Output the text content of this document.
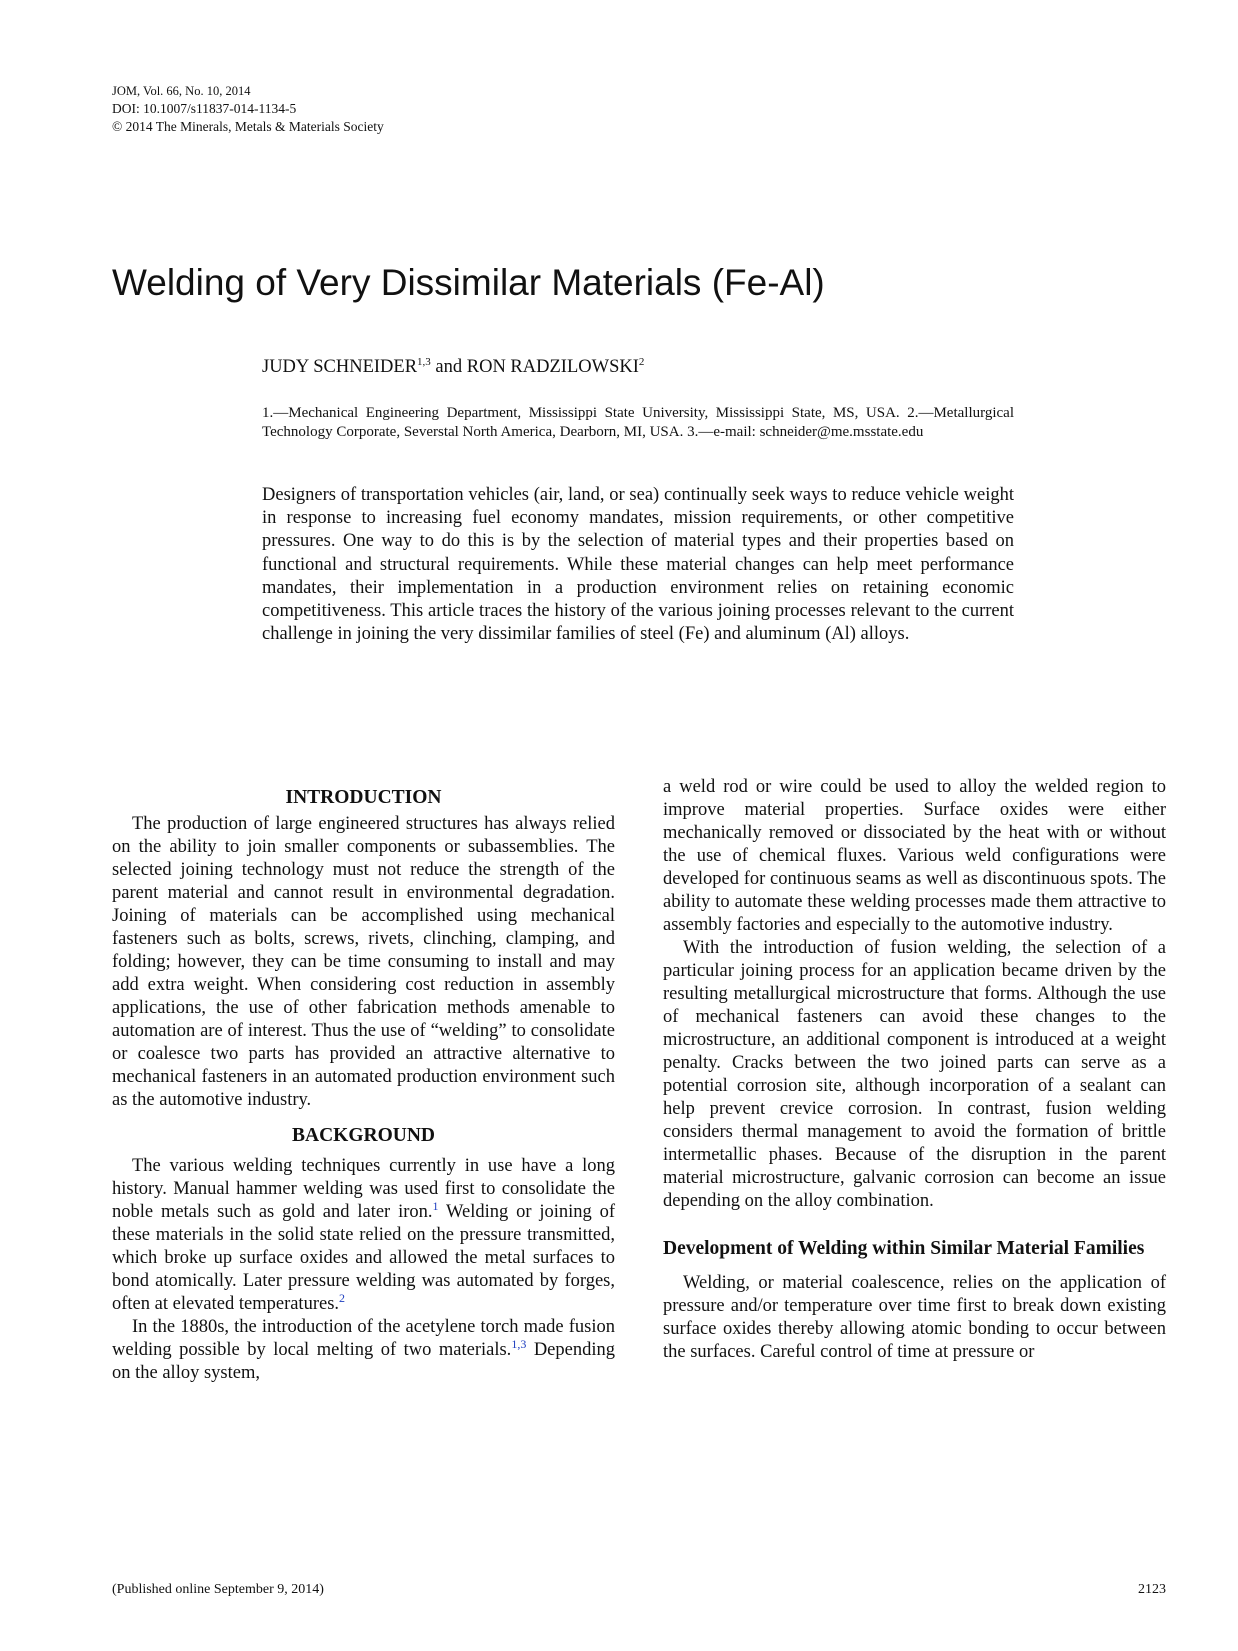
JOM, Vol. 66, No. 10, 2014
DOI: 10.1007/s11837-014-1134-5
© 2014 The Minerals, Metals & Materials Society
Welding of Very Dissimilar Materials (Fe-Al)
JUDY SCHNEIDER$^{1,3}$ and RON RADZILOWSKI$^2$

1.—Mechanical Engineering Department, Mississippi State University, Mississippi State, MS, USA. 2.—Metallurgical Technology Corporate, Severstal North America, Dearborn, MI, USA. 3.—e-mail: schneider@me.msstate.edu

Designers of transportation vehicles (air, land, or sea) continually seek ways to reduce vehicle weight in response to increasing fuel economy mandates, mission requirements, or other competitive pressures. One way to do this is by the selection of material types and their properties based on functional and structural requirements. While these material changes can help meet performance mandates, their implementation in a production environment relies on retaining economic competitiveness. This article traces the history of the various joining processes relevant to the current challenge in joining the very dissimilar families of steel (Fe) and aluminum (Al) alloys.

INTRODUCTION

The production of large engineered structures has always relied on the ability to join smaller components or subassemblies. The selected joining technology must not reduce the strength of the parent material and cannot result in environmental degradation. Joining of materials can be accomplished using mechanical fasteners such as bolts, screws, rivets, clinching, clamping, and folding; however, they can be time consuming to install and may add extra weight. When considering cost reduction in assembly applications, the use of other fabrication methods amenable to automation are of interest. Thus the use of “welding” to consolidate or coalesce two parts has provided an attractive alternative to mechanical fasteners in an automated production environment such as the automotive industry.

BACKGROUND

The various welding techniques currently in use have a long history. Manual hammer welding was used first to consolidate the noble metals such as gold and later iron.$^1$ Welding or joining of these materials in the solid state relied on the pressure transmitted, which broke up surface oxides and allowed the metal surfaces to bond atomically. Later pressure welding was automated by forges, often at elevated temperatures.$^2$

In the 1880s, the introduction of the acetylene torch made fusion welding possible by local melting of two materials.$^{1,3}$ Depending on the alloy system,

a weld rod or wire could be used to alloy the welded region to improve material properties. Surface oxides were either mechanically removed or dissociated by the heat with or without the use of chemical fluxes. Various weld configurations were developed for continuous seams as well as discontinuous spots. The ability to automate these welding processes made them attractive to assembly factories and especially to the automotive industry.

With the introduction of fusion welding, the selection of a particular joining process for an application became driven by the resulting metallurgical microstructure that forms. Although the use of mechanical fasteners can avoid these changes to the microstructure, an additional component is introduced at a weight penalty. Cracks between the two joined parts can serve as a potential corrosion site, although incorporation of a sealant can help prevent crevice corrosion. In contrast, fusion welding considers thermal management to avoid the formation of brittle intermetallic phases. Because of the disruption in the parent material microstructure, galvanic corrosion can become an issue depending on the alloy combination.

Development of Welding within Similar Material Families

Welding, or material coalescence, relies on the application of pressure and/or temperature over time first to break down existing surface oxides thereby allowing atomic bonding to occur between the surfaces. Careful control of time at pressure or

(Published online September 9, 2014)	2123
